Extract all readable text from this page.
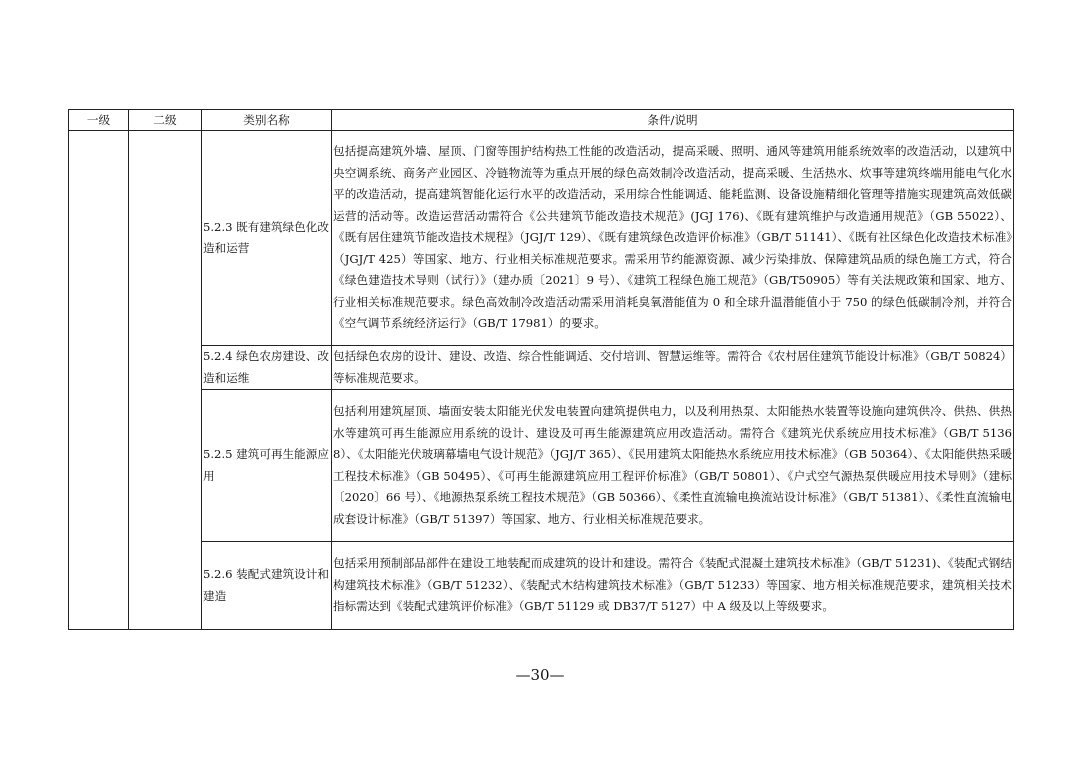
一级	二级	类别名称	条件/说明
		5.2.3 既有建筑绿色化改造和运营	包括提高建筑外墙、屋顶、门窗等围护结构热工性能的改造活动，提高采暖、照明、通风等建筑用能系统效率的改造活动，以建筑中央空调系统、商务产业园区、冷链物流等为重点开展的绿色高效制冷改造活动，提高采暖、生活热水、炊事等建筑终端用能电气化水平的改造活动，提高建筑智能化运行水平的改造活动，采用综合性能调适、能耗监测、设备设施精细化管理等措施实现建筑高效低碳运营的活动等。改造运营活动需符合《公共建筑节能改造技术规范》(JGJ 176)、《既有建筑维护与改造通用规范》（GB 55022）、《既有居住建筑节能改造技术规程》（JGJ/T 129）、《既有建筑绿色改造评价标准》（GB/T 51141）、《既有社区绿色化改造技术标准》（JGJ/T 425）等国家、地方、行业相关标准规范要求。需采用节约能源资源、减少污染排放、保障建筑品质的绿色施工方式，符合《绿色建造技术导则（试行）》（建办质〔2021〕9 号）、《建筑工程绿色施工规范》（GB/T50905）等有关法规政策和国家、地方、行业相关标准规范要求。绿色高效制冷改造活动需采用消耗臭氧潜能值为 0 和全球升温潜能值小于 750 的绿色低碳制冷剂，并符合《空气调节系统经济运行》（GB/T 17981）的要求。
		5.2.4 绿色农房建设、改造和运维	包括绿色农房的设计、建设、改造、综合性能调适、交付培训、智慧运维等。需符合《农村居住建筑节能设计标准》（GB/T 50824）等标准规范要求。
		5.2.5 建筑可再生能源应用	包括利用建筑屋顶、墙面安装太阳能光伏发电装置向建筑提供电力，以及利用热泵、太阳能热水装置等设施向建筑供冷、供热、供热水等建筑可再生能源应用系统的设计、建设及可再生能源建筑应用改造活动。需符合《建筑光伏系统应用技术标准》（GB/T 51368）、《太阳能光伏玻璃幕墙电气设计规范》（JGJ/T 365）、《民用建筑太阳能热水系统应用技术标准》（GB 50364）、《太阳能供热采暖工程技术标准》（GB 50495）、《可再生能源建筑应用工程评价标准》（GB/T 50801）、《户式空气源热泵供暖应用技术导则》（建标〔2020〕66 号）、《地源热泵系统工程技术规范》（GB 50366）、《柔性直流输电换流站设计标准》（GB/T 51381）、《柔性直流输电成套设计标准》（GB/T 51397）等国家、地方、行业相关标准规范要求。
		5.2.6 装配式建筑设计和建造	包括采用预制部品部件在建设工地装配而成建筑的设计和建设。需符合《装配式混凝土建筑技术标准》（GB/T 51231)、《装配式钢结构建筑技术标准》（GB/T 51232）、《装配式木结构建筑技术标准》（GB/T 51233）等国家、地方相关标准规范要求，建筑相关技术指标需达到《装配式建筑评价标准》（GB/T 51129 或 DB37/T 5127）中 A 级及以上等级要求。
—30—
